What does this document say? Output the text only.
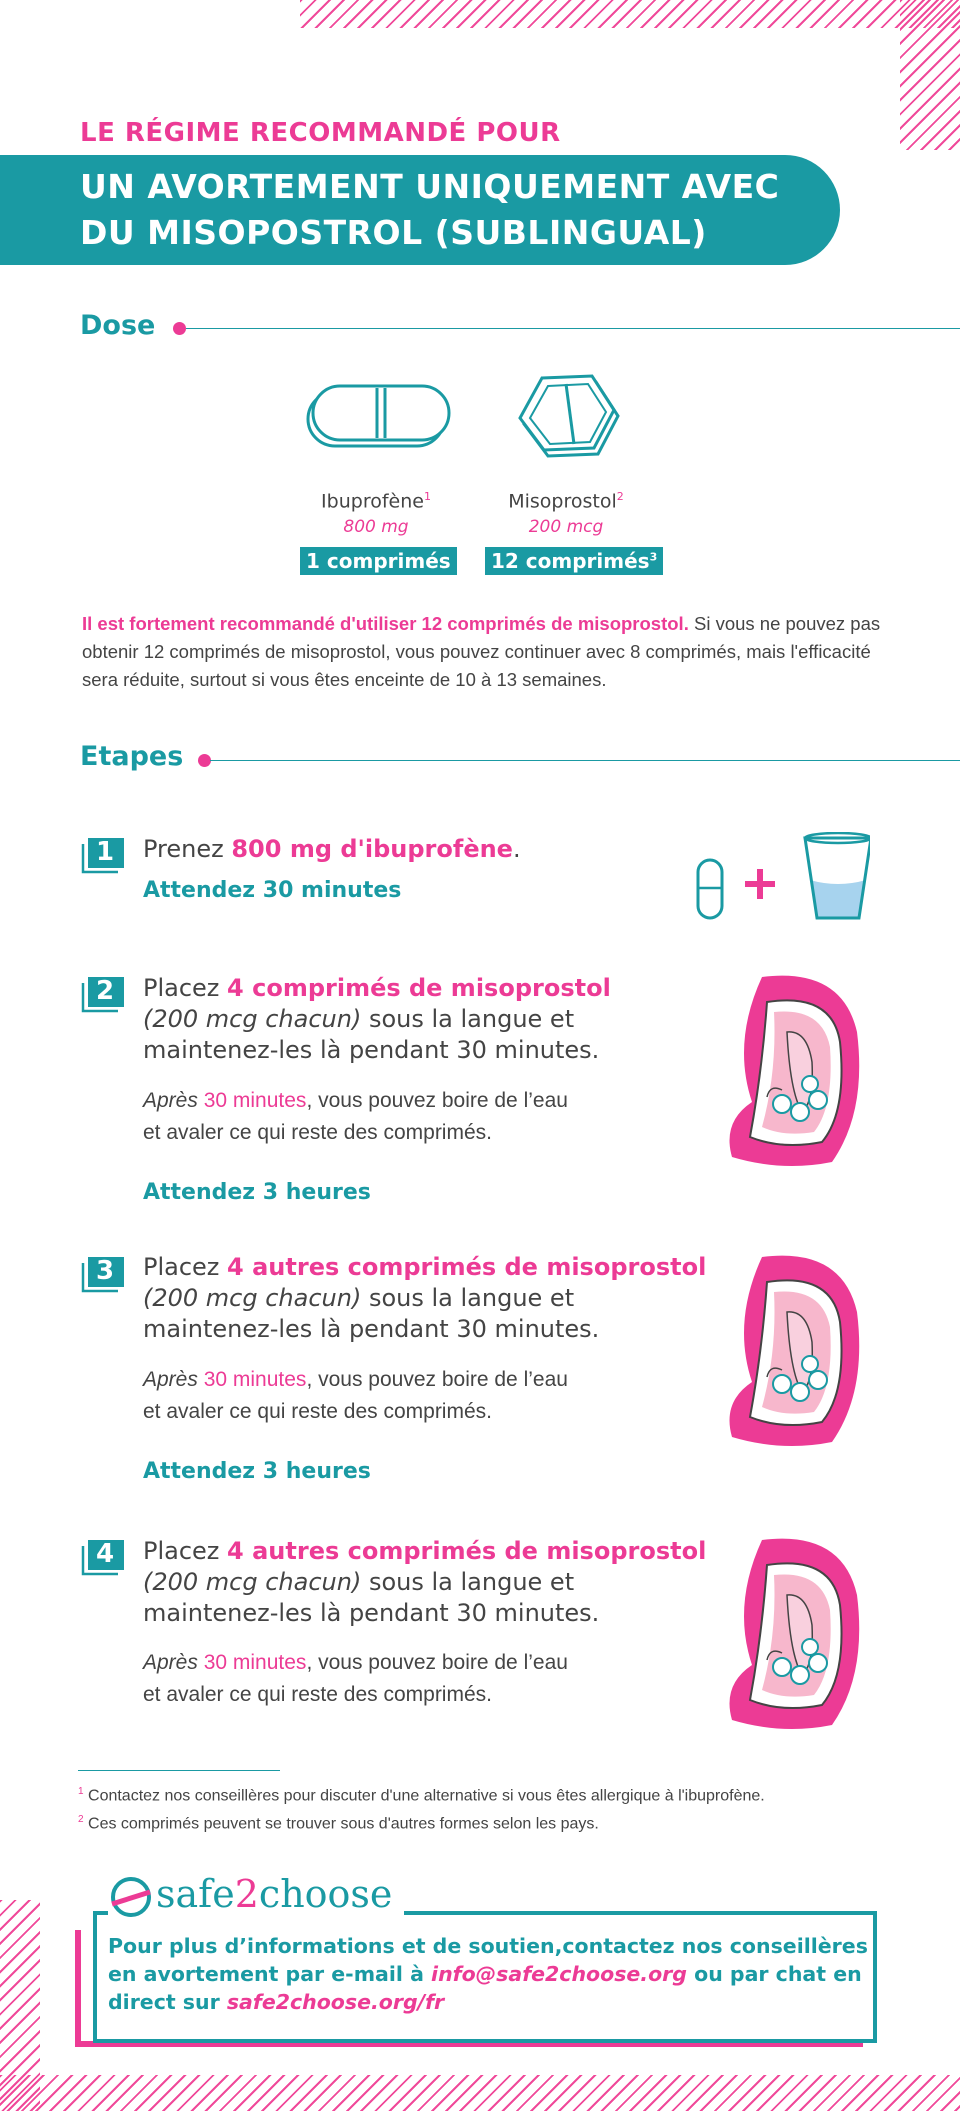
LE RÉGIME RECOMMANDÉ POUR
UN AVORTEMENT UNIQUEMENT AVEC
DU MISOPOSTROL (SUBLINGUAL)
Dose
Ibuprofène$^1$
800 mg
1 comprimés
Misoprostol$^2$
200 mcg
12 comprimés$^3$
Il est fortement recommandé d'utiliser 12 comprimés de misoprostol. Si vous ne pouvez pas obtenir 12 comprimés de misoprostol, vous pouvez continuer avec 8 comprimés, mais l'efficacité sera réduite, surtout si vous êtes enceinte de 10 à 13 semaines.
Etapes
1 Prenez 800 mg d'ibuprofène.
Attendez 30 minutes
2 Placez 4 comprimés de misoprostol
(200 mcg chacun) sous la langue et
maintenez-les là pendant 30 minutes.
Après 30 minutes, vous pouvez boire de l’eau
et avaler ce qui reste des comprimés.
Attendez 3 heures
3 Placez 4 autres comprimés de misoprostol
(200 mcg chacun) sous la langue et
maintenez-les là pendant 30 minutes.
Après 30 minutes, vous pouvez boire de l’eau
et avaler ce qui reste des comprimés.
Attendez 3 heures
4 Placez 4 autres comprimés de misoprostol
(200 mcg chacun) sous la langue et
maintenez-les là pendant 30 minutes.
Après 30 minutes, vous pouvez boire de l’eau
et avaler ce qui reste des comprimés.
$^1$ Contactez nos conseillères pour discuter d'une alternative si vous êtes allergique à l'ibuprofène.
$^2$ Ces comprimés peuvent se trouver sous d'autres formes selon les pays.
safe2choose
Pour plus d’informations et de soutien,contactez nos conseillères
en avortement par e-mail à info@safe2choose.org ou par chat en
direct sur safe2choose.org/fr
